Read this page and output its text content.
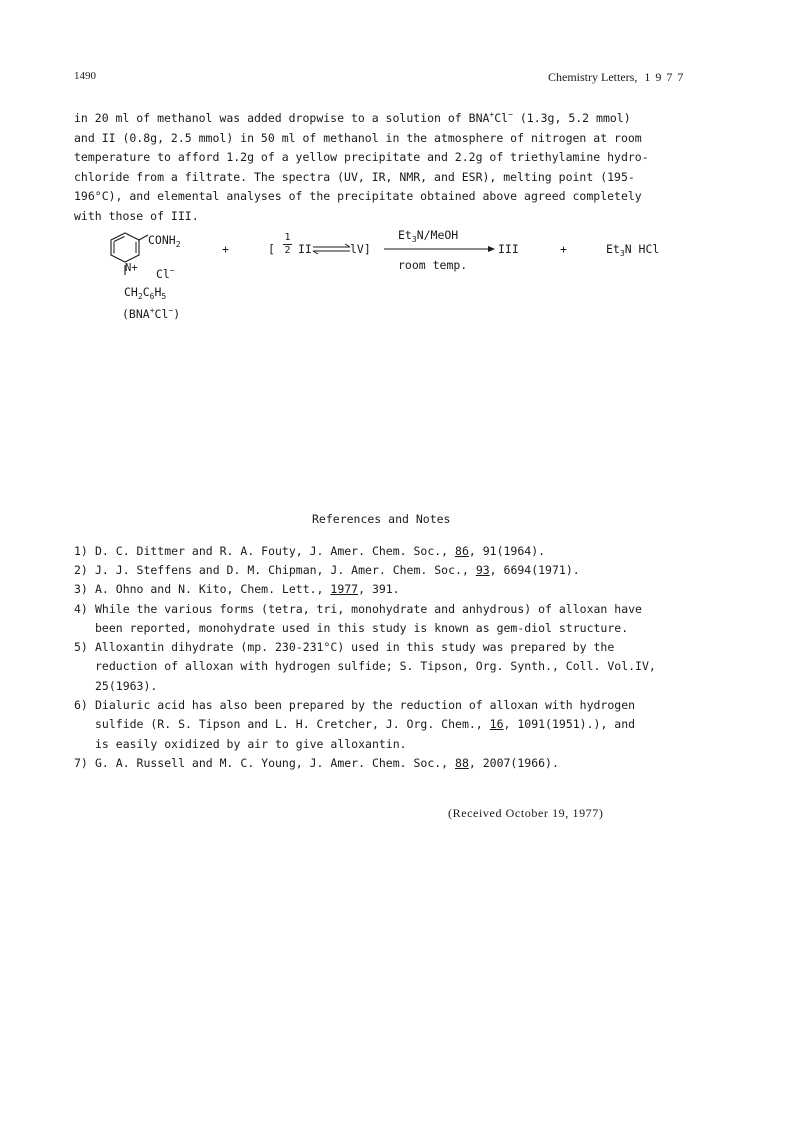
1490	Chemistry Letters, 1977
in 20 ml of methanol was added dropwise to a solution of BNA+Cl− (1.3g, 5.2 mmol)
and II (0.8g, 2.5 mmol) in 50 ml of methanol in the atmosphere of nitrogen at room
temperature to afford 1.2g of a yellow precipitate and 2.2g of triethylamine hydro-
chloride from a filtrate. The spectra (UV, IR, NMR, and ESR), melting point (195-
196°C), and elemental analyses of the precipitate obtained above agreed completely
with those of III.
$CONH_2$
N+ Cl−
$CH_2C_6H_5$
(BNA+Cl−)
+	[
1
2 II ⇌
lV]
$Et_3N$/MeOH
room temp.
III	+	$Et_3N$ HCl
References and Notes
1) D. C. Dittmer and R. A. Fouty, J. Amer. Chem. Soc., 86, 91(1964).
2) J. J. Steffens and D. M. Chipman, J. Amer. Chem. Soc., 93, 6694(1971).
3) A. Ohno and N. Kito, Chem. Lett., 1977, 391.
4) While the various forms (tetra, tri, monohydrate and anhydrous) of alloxan have
been reported, monohydrate used in this study is known as gem-diol structure.
5) Alloxantin dihydrate (mp. 230-231°C) used in this study was prepared by the
reduction of alloxan with hydrogen sulfide; S. Tipson, Org. Synth., Coll. Vol.IV,
25(1963).
6) Dialuric acid has also been prepared by the reduction of alloxan with hydrogen
sulfide (R. S. Tipson and L. H. Cretcher, J. Org. Chem., 16, 1091(1951).), and
is easily oxidized by air to give alloxantin.
7) G. A. Russell and M. C. Young, J. Amer. Chem. Soc., 88, 2007(1966).
(Received October 19, 1977)
